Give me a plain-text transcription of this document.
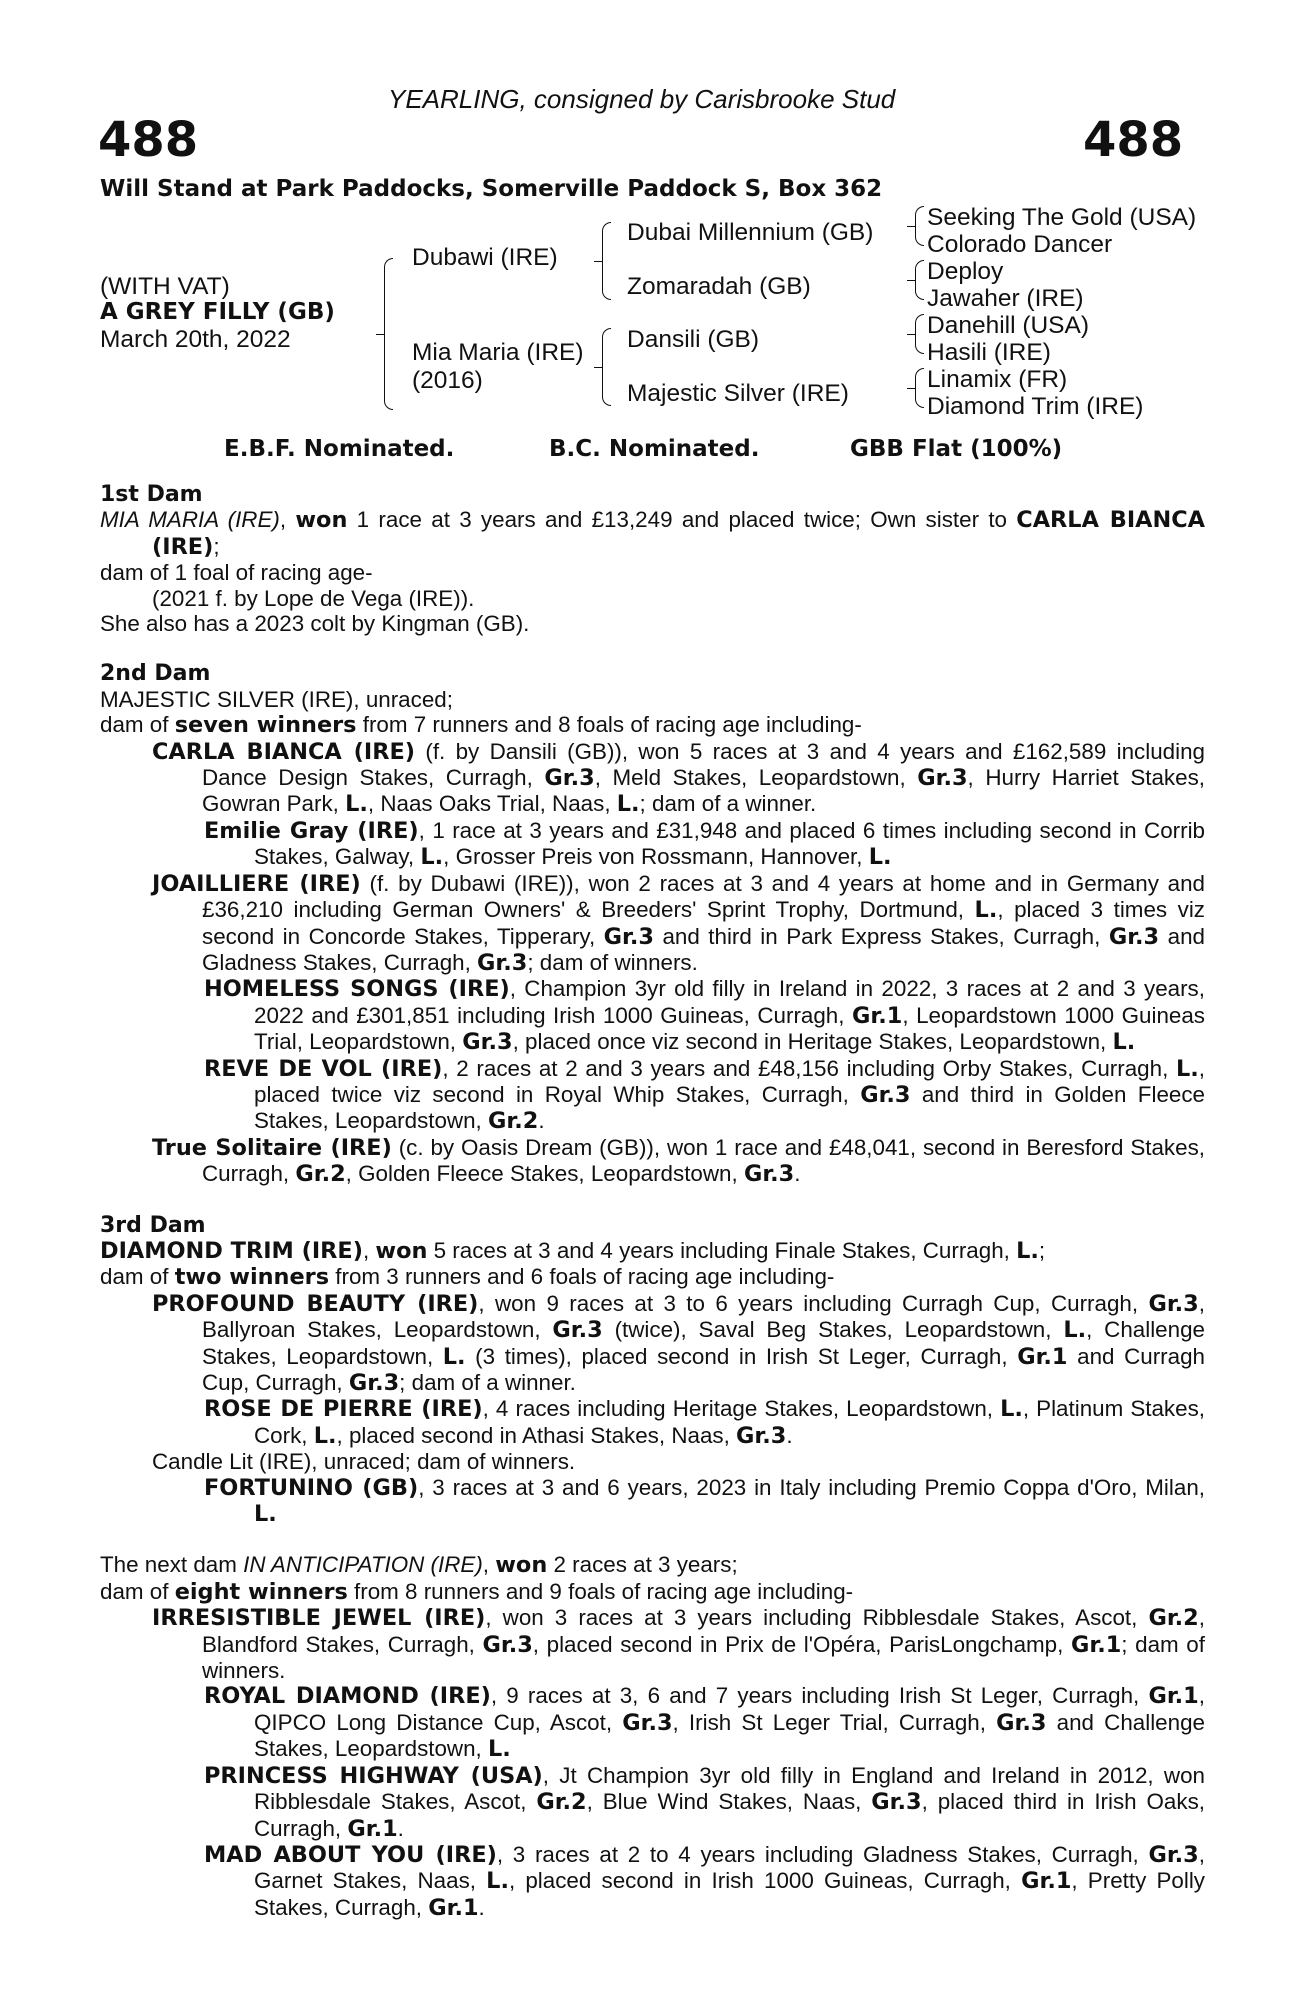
YEARLING, consigned by Carisbrooke Stud
488	488
Will Stand at Park Paddocks, Somerville Paddock S, Box 362
(WITH VAT)
A GREY FILLY (GB)
March 20th, 2022
Dubawi (IRE)
Mia Maria (IRE)
(2016)
Dubai Millennium (GB)
Zomaradah (GB)
Dansili (GB)
Majestic Silver (IRE)
Seeking The Gold (USA)
Colorado Dancer
Deploy
Jawaher (IRE)
Danehill (USA)
Hasili (IRE)
Linamix (FR)
Diamond Trim (IRE)
E.B.F. Nominated.	B.C. Nominated.	GBB Flat (100%)
1st Dam
MIA MARIA (IRE), won 1 race at 3 years and £13,249 and placed twice; Own sister to CARLA BIANCA (IRE);
dam of 1 foal of racing age-
(2021 f. by Lope de Vega (IRE)).
She also has a 2023 colt by Kingman (GB).
2nd Dam
MAJESTIC SILVER (IRE), unraced;
dam of seven winners from 7 runners and 8 foals of racing age including-
CARLA BIANCA (IRE) (f. by Dansili (GB)), won 5 races at 3 and 4 years and £162,589 including Dance Design Stakes, Curragh, Gr.3, Meld Stakes, Leopardstown, Gr.3, Hurry Harriet Stakes, Gowran Park, L., Naas Oaks Trial, Naas, L.; dam of a winner.
Emilie Gray (IRE), 1 race at 3 years and £31,948 and placed 6 times including second in Corrib Stakes, Galway, L., Grosser Preis von Rossmann, Hannover, L.
JOAILLIERE (IRE) (f. by Dubawi (IRE)), won 2 races at 3 and 4 years at home and in Germany and £36,210 including German Owners' & Breeders' Sprint Trophy, Dortmund, L., placed 3 times viz second in Concorde Stakes, Tipperary, Gr.3 and third in Park Express Stakes, Curragh, Gr.3 and Gladness Stakes, Curragh, Gr.3; dam of winners.
HOMELESS SONGS (IRE), Champion 3yr old filly in Ireland in 2022, 3 races at 2 and 3 years, 2022 and £301,851 including Irish 1000 Guineas, Curragh, Gr.1, Leopardstown 1000 Guineas Trial, Leopardstown, Gr.3, placed once viz second in Heritage Stakes, Leopardstown, L.
REVE DE VOL (IRE), 2 races at 2 and 3 years and £48,156 including Orby Stakes, Curragh, L., placed twice viz second in Royal Whip Stakes, Curragh, Gr.3 and third in Golden Fleece Stakes, Leopardstown, Gr.2.
True Solitaire (IRE) (c. by Oasis Dream (GB)), won 1 race and £48,041, second in Beresford Stakes, Curragh, Gr.2, Golden Fleece Stakes, Leopardstown, Gr.3.
3rd Dam
DIAMOND TRIM (IRE), won 5 races at 3 and 4 years including Finale Stakes, Curragh, L.;
dam of two winners from 3 runners and 6 foals of racing age including-
PROFOUND BEAUTY (IRE), won 9 races at 3 to 6 years including Curragh Cup, Curragh, Gr.3, Ballyroan Stakes, Leopardstown, Gr.3 (twice), Saval Beg Stakes, Leopardstown, L., Challenge Stakes, Leopardstown, L. (3 times), placed second in Irish St Leger, Curragh, Gr.1 and Curragh Cup, Curragh, Gr.3; dam of a winner.
ROSE DE PIERRE (IRE), 4 races including Heritage Stakes, Leopardstown, L., Platinum Stakes, Cork, L., placed second in Athasi Stakes, Naas, Gr.3.
Candle Lit (IRE), unraced; dam of winners.
FORTUNINO (GB), 3 races at 3 and 6 years, 2023 in Italy including Premio Coppa d'Oro, Milan, L.
The next dam IN ANTICIPATION (IRE), won 2 races at 3 years;
dam of eight winners from 8 runners and 9 foals of racing age including-
IRRESISTIBLE JEWEL (IRE), won 3 races at 3 years including Ribblesdale Stakes, Ascot, Gr.2, Blandford Stakes, Curragh, Gr.3, placed second in Prix de l'Opéra, ParisLongchamp, Gr.1; dam of winners.
ROYAL DIAMOND (IRE), 9 races at 3, 6 and 7 years including Irish St Leger, Curragh, Gr.1, QIPCO Long Distance Cup, Ascot, Gr.3, Irish St Leger Trial, Curragh, Gr.3 and Challenge Stakes, Leopardstown, L.
PRINCESS HIGHWAY (USA), Jt Champion 3yr old filly in England and Ireland in 2012, won Ribblesdale Stakes, Ascot, Gr.2, Blue Wind Stakes, Naas, Gr.3, placed third in Irish Oaks, Curragh, Gr.1.
MAD ABOUT YOU (IRE), 3 races at 2 to 4 years including Gladness Stakes, Curragh, Gr.3, Garnet Stakes, Naas, L., placed second in Irish 1000 Guineas, Curragh, Gr.1, Pretty Polly Stakes, Curragh, Gr.1.
